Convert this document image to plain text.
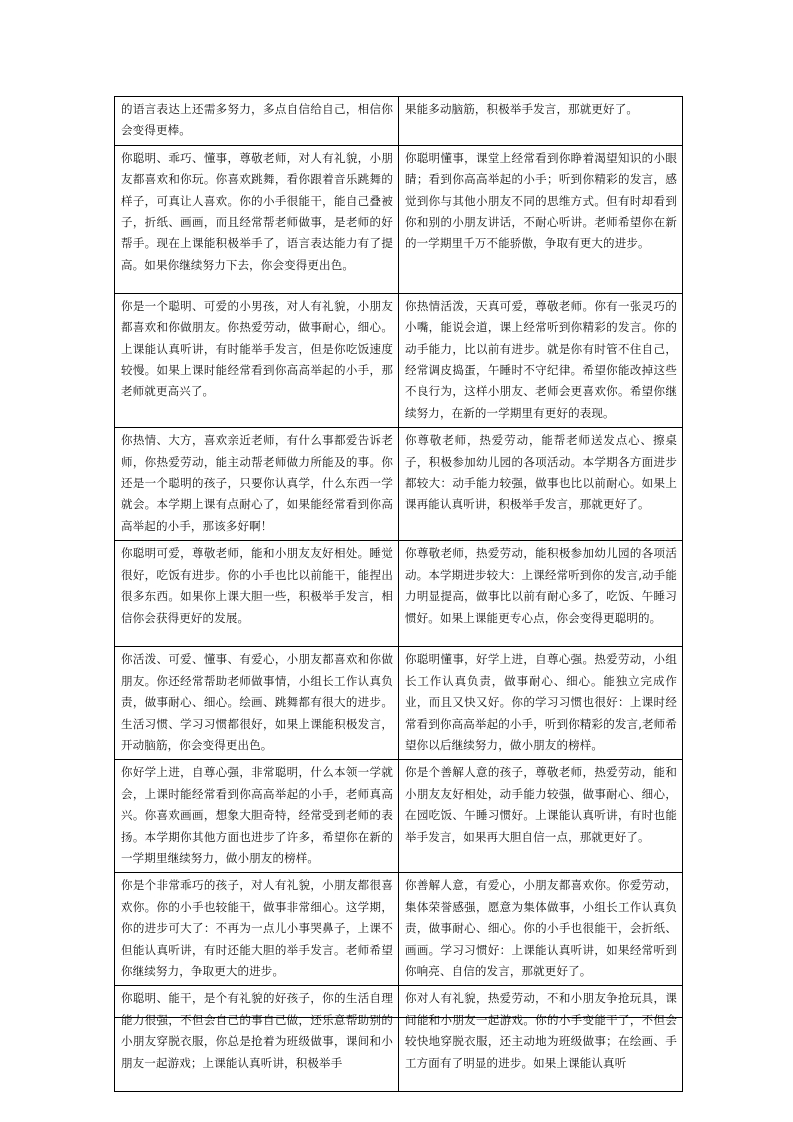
的语言表达上还需多努力，多点自信给自己，相信你会变得更棒。	果能多动脑筋，积极举手发言，那就更好了。
你聪明、乖巧、懂事，尊敬老师，对人有礼貌，小朋友都喜欢和你玩。你喜欢跳舞，看你跟着音乐跳舞的样子，可真让人喜欢。你的小手很能干，能自己叠被子，折纸、画画，而且经常帮老师做事，是老师的好帮手。现在上课能积极举手了，语言表达能力有了提高。如果你继续努力下去，你会变得更出色。	你聪明懂事，课堂上经常看到你睁着渴望知识的小眼睛；看到你高高举起的小手；听到你精彩的发言，感觉到你与其他小朋友不同的思维方式。但有时却看到你和别的小朋友讲话，不耐心听讲。老师希望你在新的一学期里千万不能骄傲，争取有更大的进步。
你是一个聪明、可爱的小男孩，对人有礼貌，小朋友都喜欢和你做朋友。你热爱劳动，做事耐心，细心。上课能认真听讲，有时能举手发言，但是你吃饭速度较慢。如果上课时能经常看到你高高举起的小手，那老师就更高兴了。	你热情活泼，天真可爱，尊敬老师。你有一张灵巧的小嘴，能说会道，课上经常听到你精彩的发言。你的动手能力，比以前有进步。就是你有时管不住自己，经常调皮捣蛋，午睡时不守纪律。希望你能改掉这些不良行为，这样小朋友、老师会更喜欢你。希望你继续努力，在新的一学期里有更好的表现。
你热情、大方，喜欢亲近老师，有什么事都爱告诉老师，你热爱劳动，能主动帮老师做力所能及的事。你还是一个聪明的孩子，只要你认真学，什么东西一学就会。本学期上课有点耐心了，如果能经常看到你高高举起的小手，那该多好啊！	你尊敬老师，热爱劳动，能帮老师送发点心、擦桌子，积极参加幼儿园的各项活动。本学期各方面进步都较大：动手能力较强，做事也比以前耐心。如果上课再能认真听讲，积极举手发言，那就更好了。
你聪明可爱，尊敬老师，能和小朋友友好相处。睡觉很好，吃饭有进步。你的小手也比以前能干，能捏出很多东西。如果你上课大胆一些，积极举手发言，相信你会获得更好的发展。	你尊敬老师，热爱劳动，能积极参加幼儿园的各项活动。本学期进步较大：上课经常听到你的发言,动手能力明显提高，做事比以前有耐心多了，吃饭、午睡习惯好。如果上课能更专心点，你会变得更聪明的。
你活泼、可爱、懂事、有爱心，小朋友都喜欢和你做朋友。你还经常帮助老师做事情，小组长工作认真负责，做事耐心、细心。绘画、跳舞都有很大的进步。生活习惯、学习习惯都很好，如果上课能积极发言，开动脑筋，你会变得更出色。	你聪明懂事，好学上进，自尊心强。热爱劳动，小组长工作认真负责，做事耐心、细心。能独立完成作业，而且又快又好。你的学习习惯也很好：上课时经常看到你高高举起的小手，听到你精彩的发言,老师希望你以后继续努力，做小朋友的榜样。
你好学上进，自尊心强，非常聪明，什么本领一学就会，上课时能经常看到你高高举起的小手，老师真高兴。你喜欢画画，想象大胆奇特，经常受到老师的表扬。本学期你其他方面也进步了许多，希望你在新的一学期里继续努力，做小朋友的榜样。	你是个善解人意的孩子，尊敬老师，热爱劳动，能和小朋友友好相处，动手能力较强，做事耐心、细心，在园吃饭、午睡习惯好。上课能认真听讲，有时也能举手发言，如果再大胆自信一点，那就更好了。
你是个非常乖巧的孩子，对人有礼貌，小朋友都很喜欢你。你的小手也较能干，做事非常细心。这学期，你的进步可大了：不再为一点儿小事哭鼻子，上课不但能认真听讲，有时还能大胆的举手发言。老师希望你继续努力，争取更大的进步。	你善解人意，有爱心，小朋友都喜欢你。你爱劳动，集体荣誉感强，愿意为集体做事，小组长工作认真负责，做事耐心、细心。你的小手也很能干，会折纸、画画。学习习惯好：上课能认真听讲，如果经常听到你响亮、自信的发言，那就更好了。
你聪明、能干，是个有礼貌的好孩子，你的生活自理能力很强，不但会自己的事自己做，还乐意帮助别的小朋友穿脱衣服，你总是抢着为班级做事，课间和小朋友一起游戏；上课能认真听讲，积极举手	你对人有礼貌，热爱劳动，不和小朋友争抢玩具，课间能和小朋友一起游戏。你的小手变能干了，不但会较快地穿脱衣服，还主动地为班级做事；在绘画、手工方面有了明显的进步。如果上课能认真听
